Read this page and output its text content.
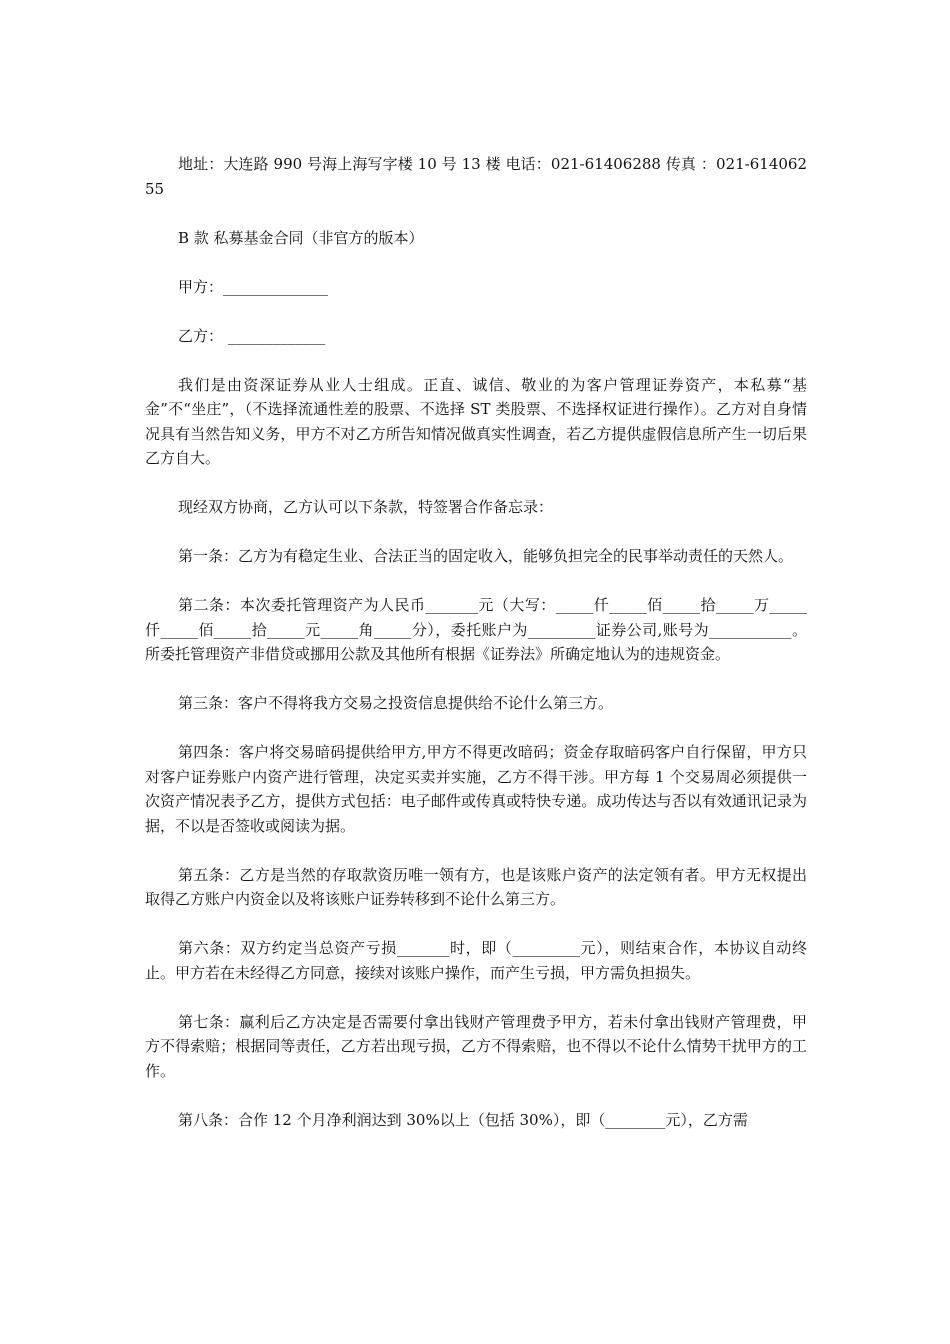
地址：大连路 990 号海上海写字楼 10 号 13 楼 电话：021-61406288 传真 ：021-61406255

B 款 私募基金合同（非官方的版本）

甲方：______________

乙方： _____________

我们是由资深证券从业人士组成。正直、诚信、敬业的为客户管理证券资产，本私募“基金”不“坐庄”，（不选择流通性差的股票、不选择 ST 类股票、不选择权证进行操作）。乙方对自身情况具有当然告知义务，甲方不对乙方所告知情况做真实性调查，若乙方提供虚假信息所产生一切后果乙方自大。

现经双方协商，乙方认可以下条款，特签署合作备忘录：

第一条：乙方为有稳定生业、合法正当的固定收入，能够负担完全的民事举动责任的天然人。

第二条：本次委托管理资产为人民币_______元（大写：_____仟_____佰_____拾_____万_____仟_____佰_____拾_____元_____角_____分），委托账户为_________证券公司,账号为___________。所委托管理资产非借贷或挪用公款及其他所有根据《证券法》所确定地认为的违规资金。

第三条：客户不得将我方交易之投资信息提供给不论什么第三方。

第四条：客户将交易暗码提供给甲方,甲方不得更改暗码；资金存取暗码客户自行保留，甲方只对客户证券账户内资产进行管理，决定买卖并实施，乙方不得干涉。甲方每 1 个交易周必须提供一次资产情况表予乙方，提供方式包括：电子邮件或传真或特快专递。成功传达与否以有效通讯记录为据，不以是否签收或阅读为据。

第五条：乙方是当然的存取款资历唯一领有方，也是该账户资产的法定领有者。甲方无权提出取得乙方账户内资金以及将该账户证券转移到不论什么第三方。

第六条：双方约定当总资产亏损_______时，即（_________元），则结束合作，本协议自动终止。甲方若在未经得乙方同意，接续对该账户操作，而产生亏损，甲方需负担损失。

第七条：赢利后乙方决定是否需要付拿出钱财产管理费予甲方，若未付拿出钱财产管理费，甲方不得索赔；根据同等责任，乙方若出现亏损，乙方不得索赔，也不得以不论什么情势干扰甲方的工作。

第八条：合作 12 个月净利润达到 30%以上（包括 30%），即（________元），乙方需
